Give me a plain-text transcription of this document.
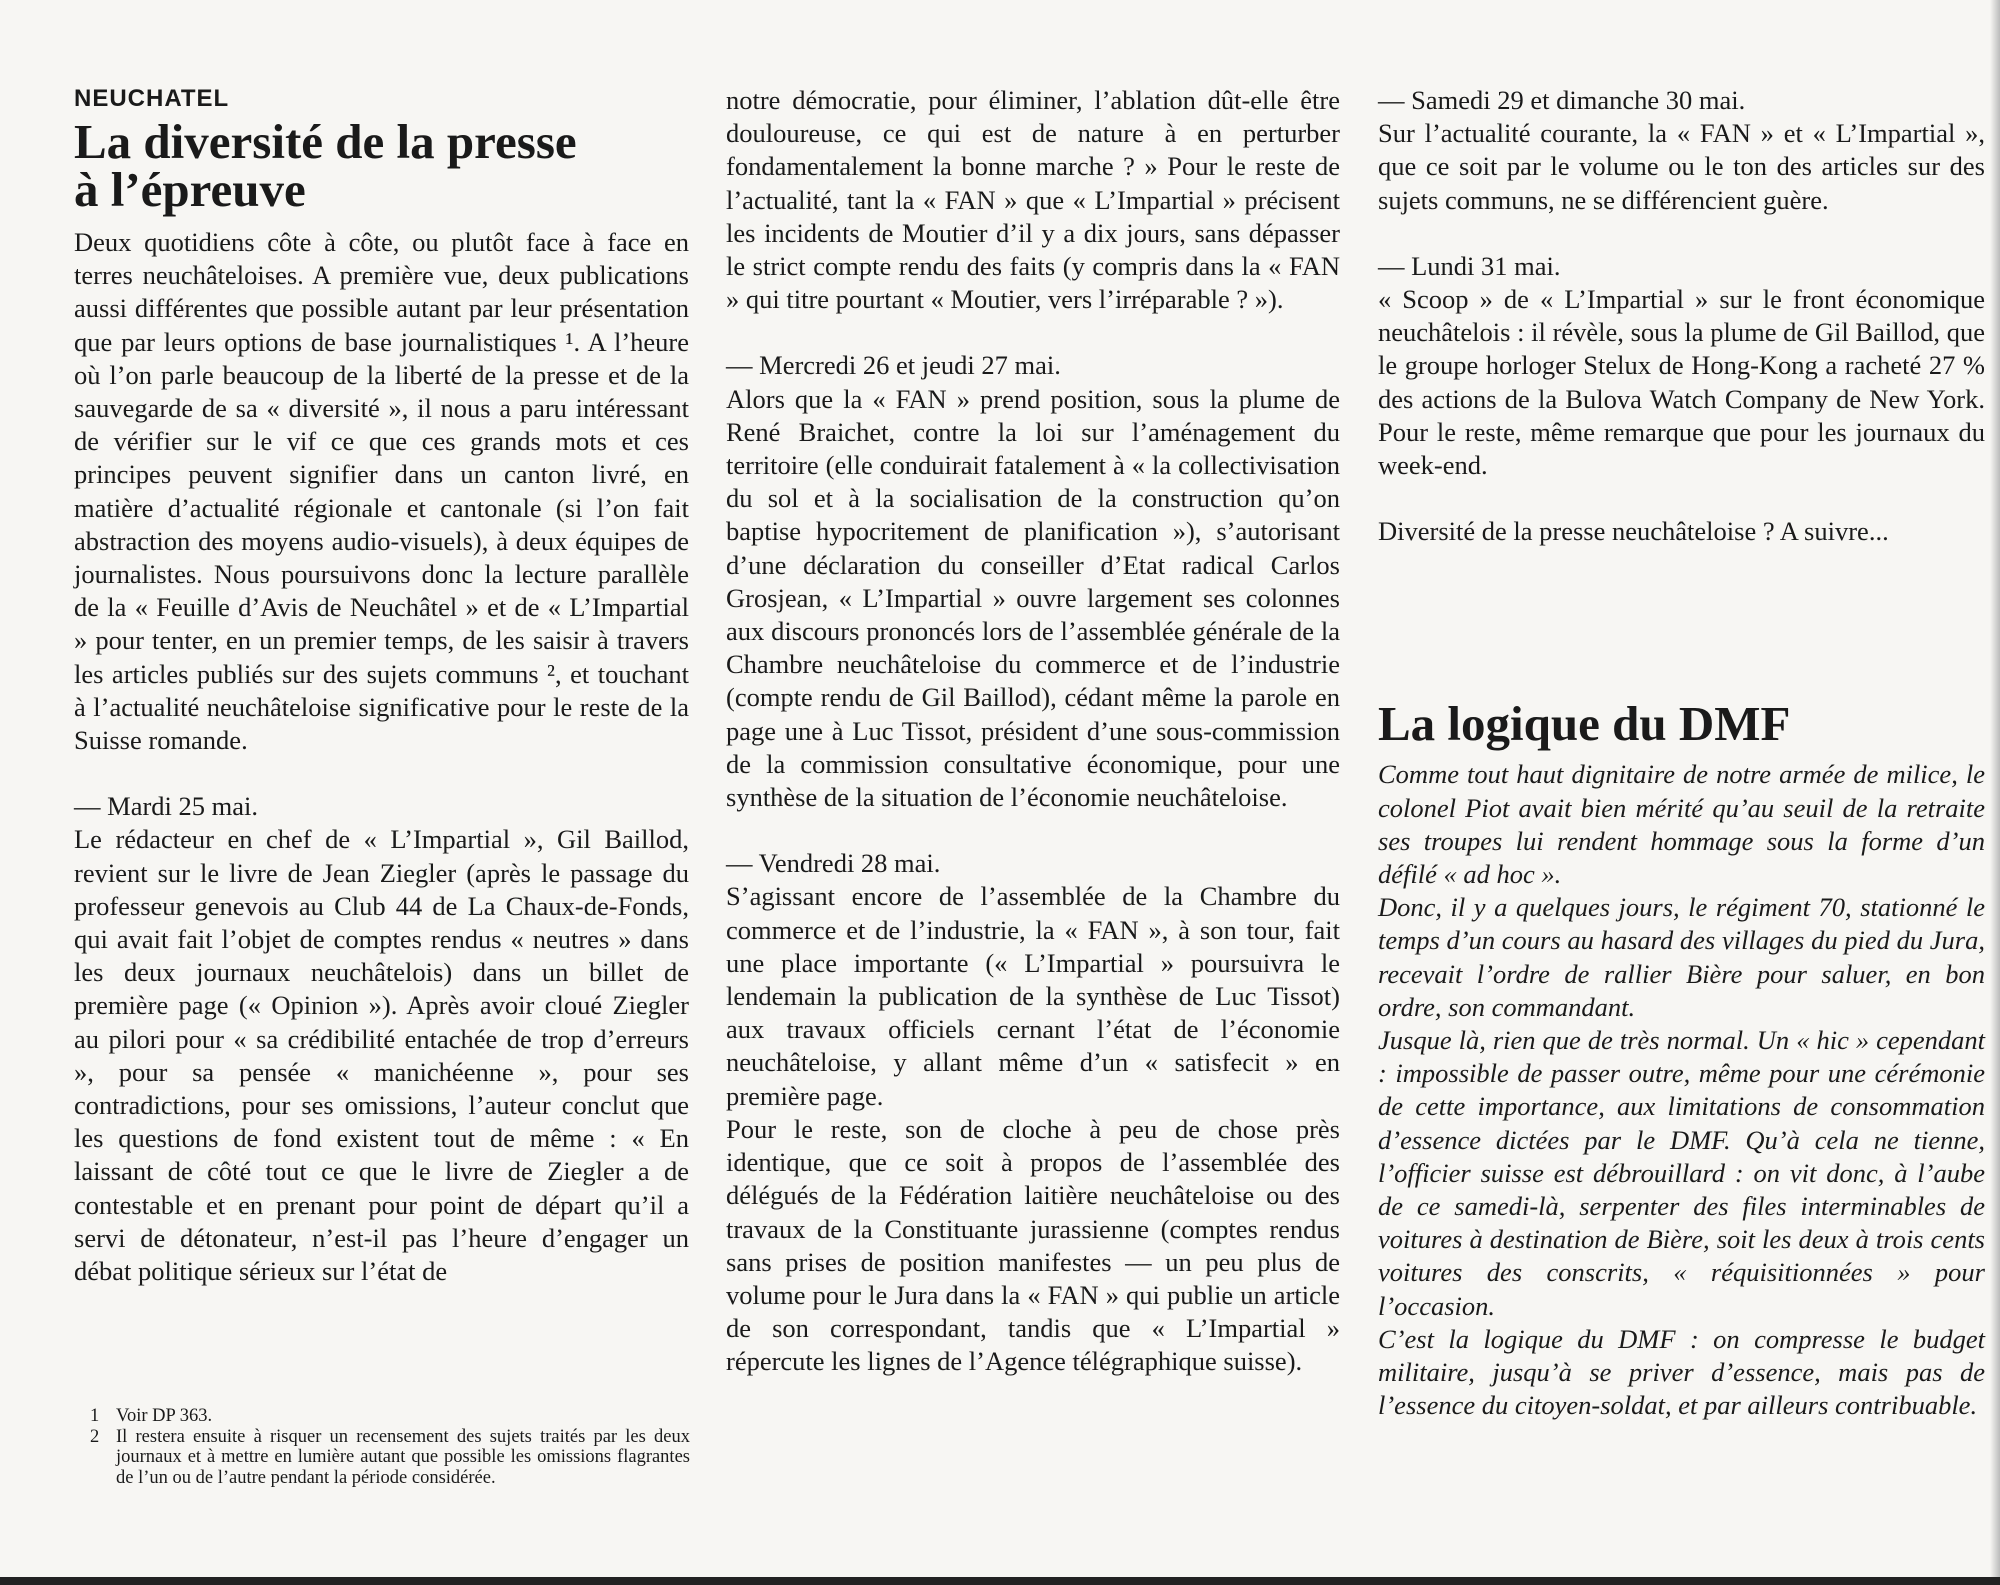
NEUCHATEL
La diversité de la presse
à l’épreuve

Deux quotidiens côte à côte, ou plutôt face à face en terres neuchâteloises. A première vue, deux publications aussi différentes que possible autant par leur présentation que par leurs options de base journalistiques ¹. A l’heure où l’on parle beaucoup de la liberté de la presse et de la sauvegarde de sa « diversité », il nous a paru intéressant de vérifier sur le vif ce que ces grands mots et ces principes peuvent signifier dans un canton livré, en matière d’actualité régionale et cantonale (si l’on fait abstraction des moyens audio-visuels), à deux équipes de journalistes. Nous poursuivons donc la lecture parallèle de la « Feuille d’Avis de Neuchâtel » et de « L’Impartial » pour tenter, en un premier temps, de les saisir à travers les articles publiés sur des sujets communs ², et touchant à l’actualité neuchâteloise significative pour le reste de la Suisse romande.

— Mardi 25 mai.

Le rédacteur en chef de « L’Impartial », Gil Baillod, revient sur le livre de Jean Ziegler (après le passage du professeur genevois au Club 44 de La Chaux-de-Fonds, qui avait fait l’objet de comptes rendus « neutres » dans les deux journaux neuchâtelois) dans un billet de première page (« Opinion »). Après avoir cloué Ziegler au pilori pour « sa crédibilité entachée de trop d’erreurs », pour sa pensée « manichéenne », pour ses contradictions, pour ses omissions, l’auteur conclut que les questions de fond existent tout de même : « En laissant de côté tout ce que le livre de Ziegler a de contestable et en prenant pour point de départ qu’il a servi de détonateur, n’est-il pas l’heure d’engager un débat politique sérieux sur l’état de

1 Voir DP 363.
2 Il restera ensuite à risquer un recensement des sujets traités par les deux journaux et à mettre en lumière autant que possible les omissions flagrantes de l’un ou de l’autre pendant la période considérée.

notre démocratie, pour éliminer, l’ablation dût-elle être douloureuse, ce qui est de nature à en perturber fondamentalement la bonne marche ? » Pour le reste de l’actualité, tant la « FAN » que « L’Impartial » précisent les incidents de Moutier d’il y a dix jours, sans dépasser le strict compte rendu des faits (y compris dans la « FAN » qui titre pourtant « Moutier, vers l’irréparable ? »).

— Mercredi 26 et jeudi 27 mai.

Alors que la « FAN » prend position, sous la plume de René Braichet, contre la loi sur l’aménagement du territoire (elle conduirait fatalement à « la collectivisation du sol et à la socialisation de la construction qu’on baptise hypocritement de planification »), s’autorisant d’une déclaration du conseiller d’Etat radical Carlos Grosjean, « L’Impartial » ouvre largement ses colonnes aux discours prononcés lors de l’assemblée générale de la Chambre neuchâteloise du commerce et de l’industrie (compte rendu de Gil Baillod), cédant même la parole en page une à Luc Tissot, président d’une sous-commission de la commission consultative économique, pour une synthèse de la situation de l’économie neuchâteloise.

— Vendredi 28 mai.

S’agissant encore de l’assemblée de la Chambre du commerce et de l’industrie, la « FAN », à son tour, fait une place importante (« L’Impartial » poursuivra le lendemain la publication de la synthèse de Luc Tissot) aux travaux officiels cernant l’état de l’économie neuchâteloise, y allant même d’un « satisfecit » en première page.

Pour le reste, son de cloche à peu de chose près identique, que ce soit à propos de l’assemblée des délégués de la Fédération laitière neuchâteloise ou des travaux de la Constituante jurassienne (comptes rendus sans prises de position manifestes — un peu plus de volume pour le Jura dans la « FAN » qui publie un article de son correspondant, tandis que « L’Impartial » répercute les lignes de l’Agence télégraphique suisse).

— Samedi 29 et dimanche 30 mai.

Sur l’actualité courante, la « FAN » et « L’Impartial », que ce soit par le volume ou le ton des articles sur des sujets communs, ne se différencient guère.

— Lundi 31 mai.

« Scoop » de « L’Impartial » sur le front économique neuchâtelois : il révèle, sous la plume de Gil Baillod, que le groupe horloger Stelux de Hong-Kong a racheté 27 % des actions de la Bulova Watch Company de New York. Pour le reste, même remarque que pour les journaux du week-end.

Diversité de la presse neuchâteloise ? A suivre...

La logique du DMF

Comme tout haut dignitaire de notre armée de milice, le colonel Piot avait bien mérité qu’au seuil de la retraite ses troupes lui rendent hommage sous la forme d’un défilé « ad hoc ».

Donc, il y a quelques jours, le régiment 70, stationné le temps d’un cours au hasard des villages du pied du Jura, recevait l’ordre de rallier Bière pour saluer, en bon ordre, son commandant.

Jusque là, rien que de très normal. Un « hic » cependant : impossible de passer outre, même pour une cérémonie de cette importance, aux limitations de consommation d’essence dictées par le DMF. Qu’à cela ne tienne, l’officier suisse est débrouillard : on vit donc, à l’aube de ce samedi-là, serpenter des files interminables de voitures à destination de Bière, soit les deux à trois cents voitures des conscrits, « réquisitionnées » pour l’occasion.

C’est la logique du DMF : on compresse le budget militaire, jusqu’à se priver d’essence, mais pas de l’essence du citoyen-soldat, et par ailleurs contribuable.
